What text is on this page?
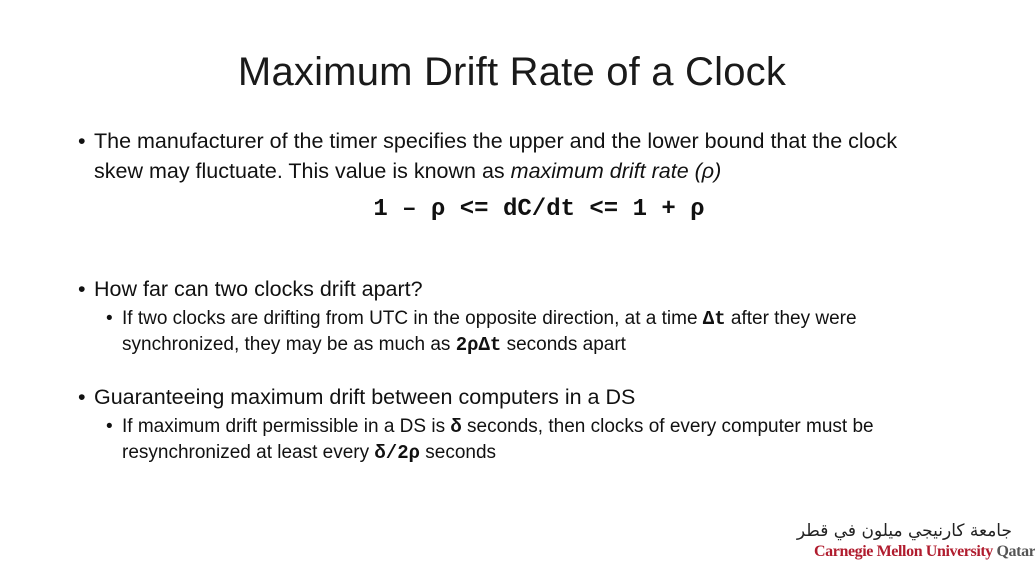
Maximum Drift Rate of a Clock
• The manufacturer of the timer specifies the upper and the lower bound that the clock skew may fluctuate. This value is known as maximum drift rate (ρ)
1 – ρ <= dC/dt <= 1 + ρ
• How far can two clocks drift apart?
• If two clocks are drifting from UTC in the opposite direction, at a time Δt after they were synchronized, they may be as much as 2ρΔt seconds apart
• Guaranteeing maximum drift between computers in a DS
• If maximum drift permissible in a DS is δ seconds, then clocks of every computer must be resynchronized at least every δ/2ρ seconds
جامعة كارنيجي ميلون في قطر
Carnegie Mellon University Qatar
